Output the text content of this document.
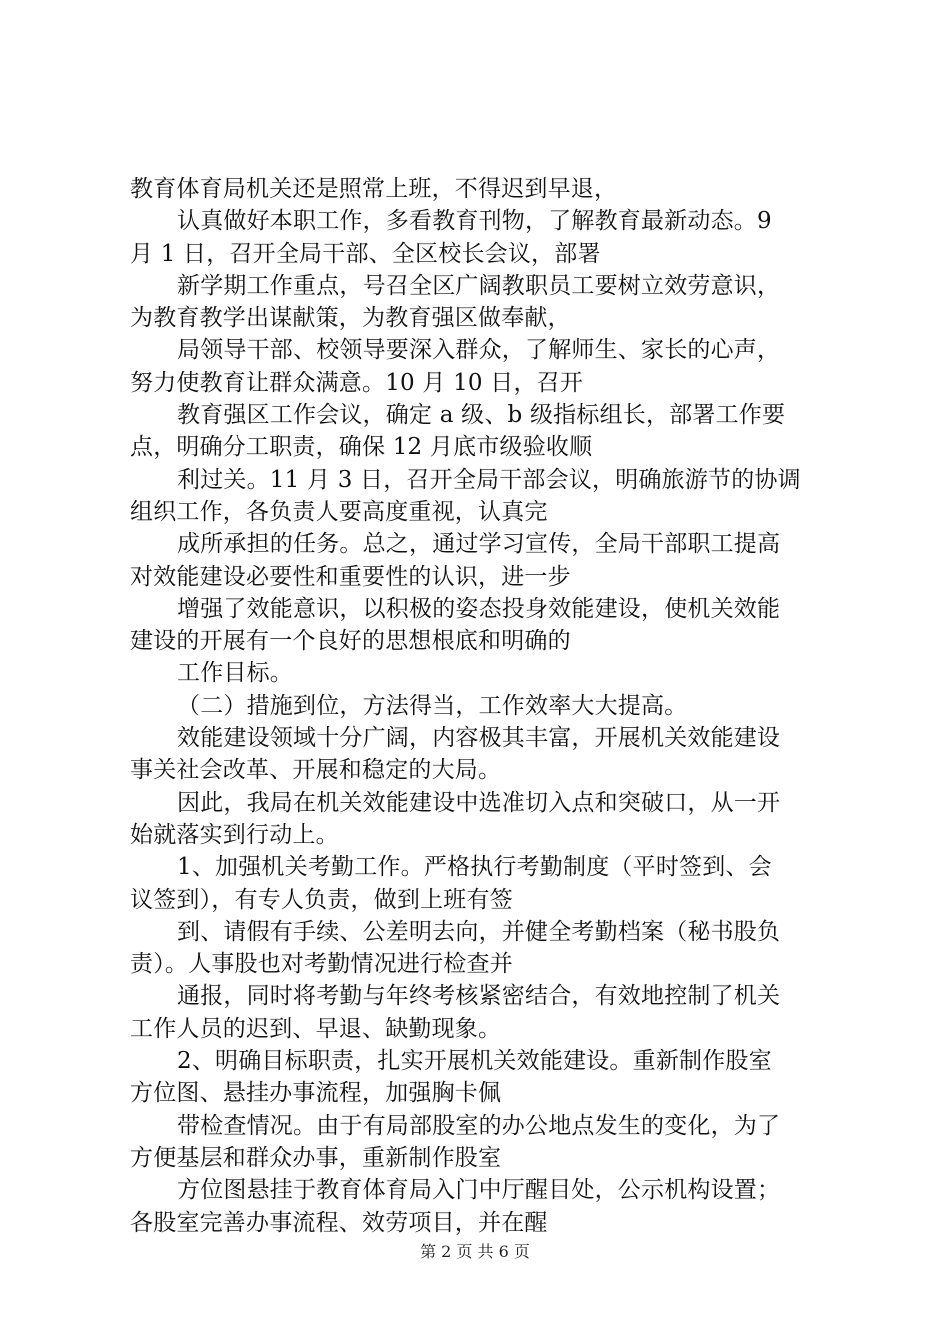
教育体育局机关还是照常上班，不得迟到早退，
认真做好本职工作，多看教育刊物，了解教育最新动态。9
月 1 日，召开全局干部、全区校长会议，部署
新学期工作重点，号召全区广阔教职员工要树立效劳意识，
为教育教学出谋献策，为教育强区做奉献，
局领导干部、校领导要深入群众，了解师生、家长的心声，
努力使教育让群众满意。10 月 10 日，召开
教育强区工作会议，确定 a 级、b 级指标组长，部署工作要
点，明确分工职责，确保 12 月底市级验收顺
利过关。11 月 3 日，召开全局干部会议，明确旅游节的协调
组织工作，各负责人要高度重视，认真完
成所承担的任务。总之，通过学习宣传，全局干部职工提高
对效能建设必要性和重要性的认识，进一步
增强了效能意识，以积极的姿态投身效能建设，使机关效能
建设的开展有一个良好的思想根底和明确的
工作目标。
（二）措施到位，方法得当，工作效率大大提高。
效能建设领域十分广阔，内容极其丰富，开展机关效能建设
事关社会改革、开展和稳定的大局。
因此，我局在机关效能建设中选准切入点和突破口，从一开
始就落实到行动上。
1、加强机关考勤工作。严格执行考勤制度（平时签到、会
议签到），有专人负责，做到上班有签
到、请假有手续、公差明去向，并健全考勤档案（秘书股负
责）。人事股也对考勤情况进行检查并
通报，同时将考勤与年终考核紧密结合，有效地控制了机关
工作人员的迟到、早退、缺勤现象。
2、明确目标职责，扎实开展机关效能建设。重新制作股室
方位图、悬挂办事流程，加强胸卡佩
带检查情况。由于有局部股室的办公地点发生的变化，为了
方便基层和群众办事，重新制作股室
方位图悬挂于教育体育局入门中厅醒目处，公示机构设置；
各股室完善办事流程、效劳项目，并在醒
第 2 页 共 6 页
